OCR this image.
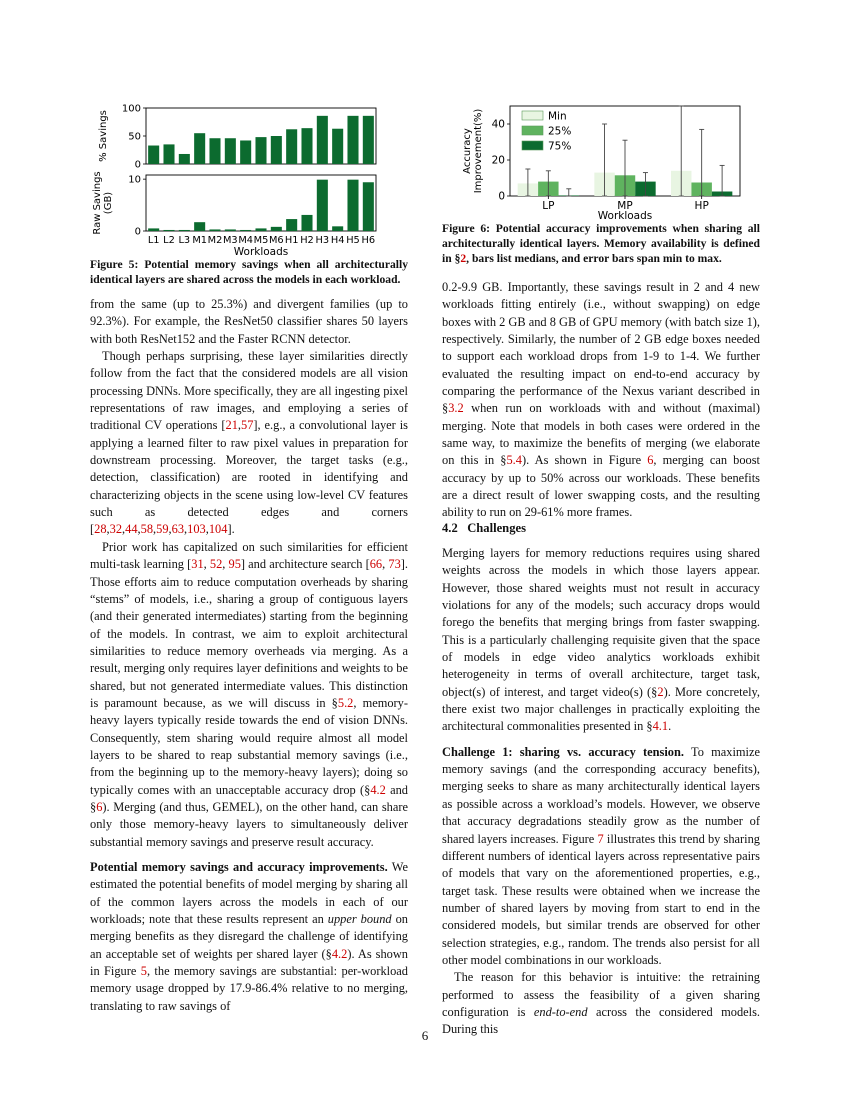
0
50
100
% Savings
0
10
Raw Savings (GB)
L1 L2 L3 M1 M2 M3 M4 M5 M6 H1 H2 H3 H4 H5 H6
Workloads
Figure 5: Potential memory savings when all architecturally identical layers are shared across the models in each workload.

from the same (up to 25.3%) and divergent families (up to 92.3%). For example, the ResNet50 classifier shares 50 layers with both ResNet152 and the Faster RCNN detector.

Though perhaps surprising, these layer similarities directly follow from the fact that the considered models are all vision processing DNNs. More specifically, they are all ingesting pixel representations of raw images, and employing a series of traditional CV operations [21,57], e.g., a convolutional layer is applying a learned filter to raw pixel values in preparation for downstream processing. Moreover, the target tasks (e.g., detection, classification) are rooted in identifying and characterizing objects in the scene using low-level CV features such as detected edges and corners [28,32,44,58,59,63,103,104].

Prior work has capitalized on such similarities for efficient multi-task learning [31, 52, 95] and architecture search [66, 73]. Those efforts aim to reduce computation overheads by sharing “stems” of models, i.e., sharing a group of contiguous layers (and their generated intermediates) starting from the beginning of the models. In contrast, we aim to exploit architectural similarities to reduce memory overheads via merging. As a result, merging only requires layer definitions and weights to be shared, but not generated intermediate values. This distinction is paramount because, as we will discuss in §5.2, memory-heavy layers typically reside towards the end of vision DNNs. Consequently, stem sharing would require almost all model layers to be shared to reap substantial memory savings (i.e., from the beginning up to the memory-heavy layers); doing so typically comes with an unacceptable accuracy drop (§4.2 and §6). Merging (and thus, GEMEL), on the other hand, can share only those memory-heavy layers to simultaneously deliver substantial memory savings and preserve result accuracy.

Potential memory savings and accuracy improvements. We estimated the potential benefits of model merging by sharing all of the common layers across the models in each of our workloads; note that these results represent an upper bound on merging benefits as they disregard the challenge of identifying an acceptable set of weights per shared layer (§4.2). As shown in Figure 5, the memory savings are substantial: per-workload memory usage dropped by 17.9-86.4% relative to no merging, translating to raw savings of

0
20
40
LP	MP	HP
Min
25%
75%
Accuracy Improvement(%)
Workloads
Figure 6: Potential accuracy improvements when sharing all architecturally identical layers. Memory availability is defined in §2, bars list medians, and error bars span min to max.

0.2-9.9 GB. Importantly, these savings result in 2 and 4 new workloads fitting entirely (i.e., without swapping) on edge boxes with 2 GB and 8 GB of GPU memory (with batch size 1), respectively. Similarly, the number of 2 GB edge boxes needed to support each workload drops from 1-9 to 1-4. We further evaluated the resulting impact on end-to-end accuracy by comparing the performance of the Nexus variant described in §3.2 when run on workloads with and without (maximal) merging. Note that models in both cases were ordered in the same way, to maximize the benefits of merging (we elaborate on this in §5.4). As shown in Figure 6, merging can boost accuracy by up to 50% across our workloads. These benefits are a direct result of lower swapping costs, and the resulting ability to run on 29-61% more frames.

4.2 Challenges

Merging layers for memory reductions requires using shared weights across the models in which those layers appear. However, those shared weights must not result in accuracy violations for any of the models; such accuracy drops would forego the benefits that merging brings from faster swapping. This is a particularly challenging requisite given that the space of models in edge video analytics workloads exhibit heterogeneity in terms of overall architecture, target task, object(s) of interest, and target video(s) (§2). More concretely, there exist two major challenges in practically exploiting the architectural commonalities presented in §4.1.

Challenge 1: sharing vs. accuracy tension. To maximize memory savings (and the corresponding accuracy benefits), merging seeks to share as many architecturally identical layers as possible across a workload’s models. However, we observe that accuracy degradations steadily grow as the number of shared layers increases. Figure 7 illustrates this trend by sharing different numbers of identical layers across representative pairs of models that vary on the aforementioned properties, e.g., target task. These results were obtained when we increase the number of shared layers by moving from start to end in the considered models, but similar trends are observed for other selection strategies, e.g., random. The trends also persist for all other model combinations in our workloads.

The reason for this behavior is intuitive: the retraining performed to assess the feasibility of a given sharing configuration is end-to-end across the considered models. During this

6
